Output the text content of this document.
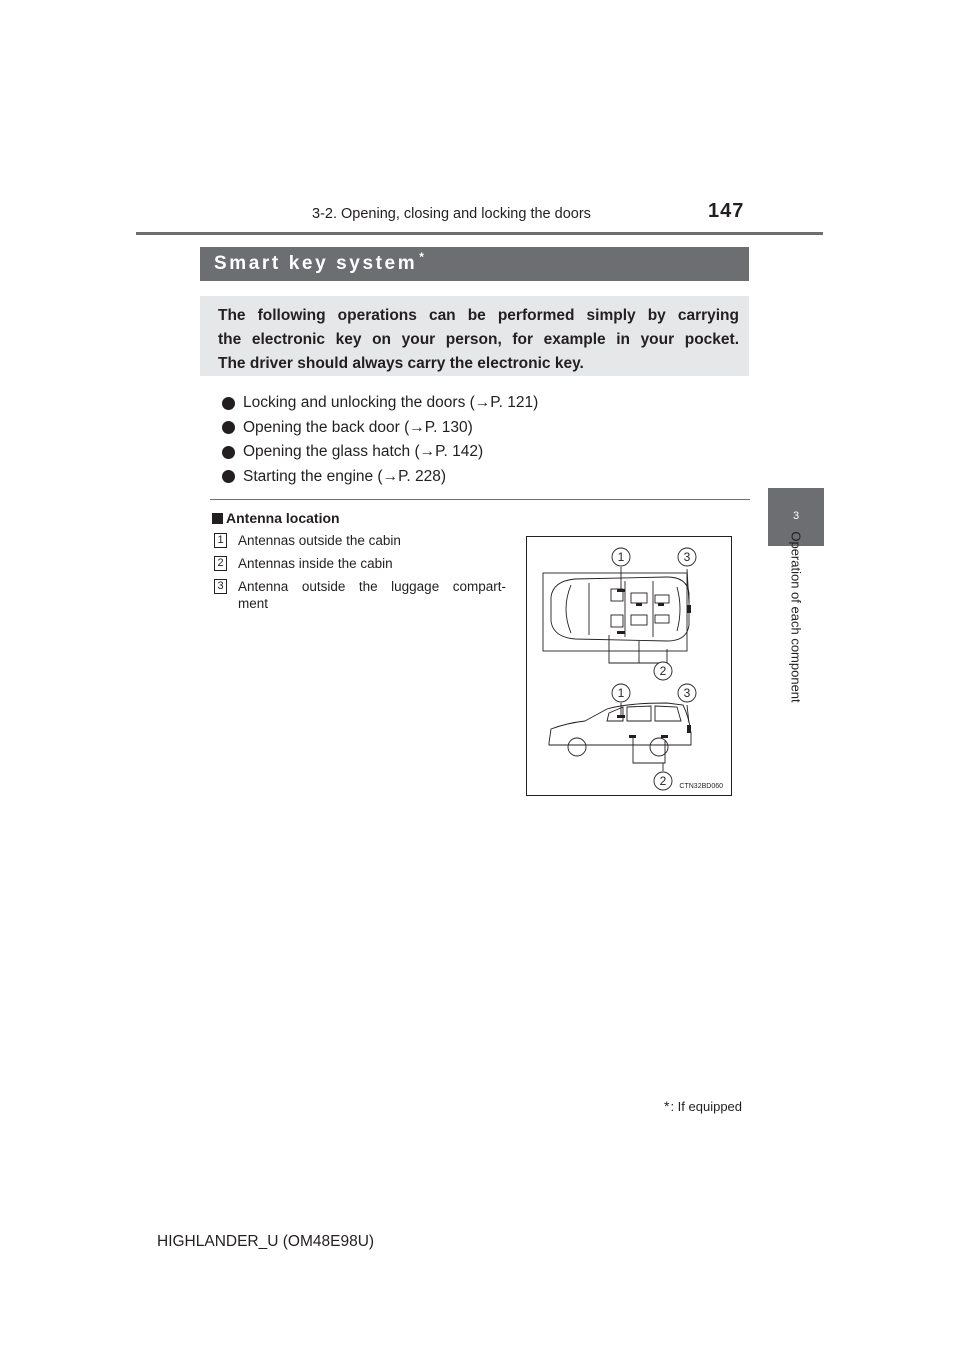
3-2. Opening, closing and locking the doors	147
3
Operation of each component
Smart key system *
The following operations can be performed simply by carrying
the electronic key on your person, for example in your pocket.
The driver should always carry the electronic key.
Locking and unlocking the doors (→P. 121)
Opening the back door (→P. 130)
Opening the glass hatch (→P. 142)
Starting the engine (→P. 228)
Antenna location
1 Antennas outside the cabin
2 Antennas inside the cabin
3 Antenna outside the luggage compart-
ment
1	3
2
1	3
2 CTN32BD060
* : If equipped
HIGHLANDER_U (OM48E98U)
